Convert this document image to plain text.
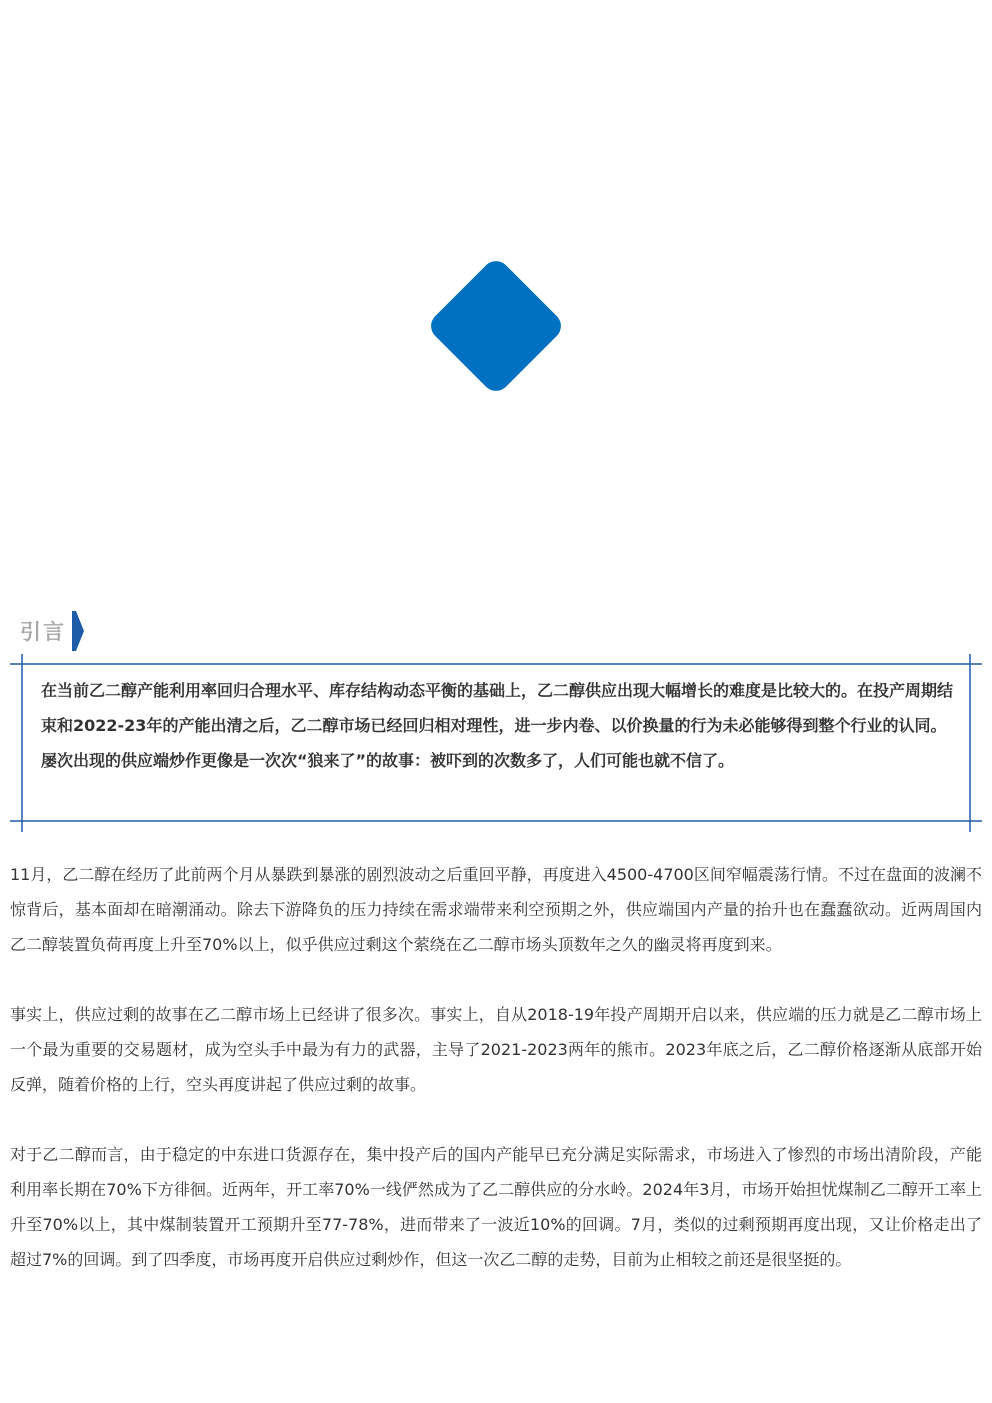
引言

在当前乙二醇产能利用率回归合理水平、库存结构动态平衡的基础上，乙二醇供应出现大幅增长的难度是比较大的。在投产周期结束和2022-23年的产能出清之后，乙二醇市场已经回归相对理性，进一步内卷、以价换量的行为未必能够得到整个行业的认同。屡次出现的供应端炒作更像是一次次“狼来了”的故事：被吓到的次数多了，人们可能也就不信了。

11月，乙二醇在经历了此前两个月从暴跌到暴涨的剧烈波动之后重回平静，再度进入4500-4700区间窄幅震荡行情。不过在盘面的波澜不惊背后，基本面却在暗潮涌动。除去下游降负的压力持续在需求端带来利空预期之外，供应端国内产量的抬升也在蠢蠢欲动。近两周国内乙二醇装置负荷再度上升至70%以上，似乎供应过剩这个萦绕在乙二醇市场头顶数年之久的幽灵将再度到来。

事实上，供应过剩的故事在乙二醇市场上已经讲了很多次。事实上，自从2018-19年投产周期开启以来，供应端的压力就是乙二醇市场上一个最为重要的交易题材，成为空头手中最为有力的武器，主导了2021-2023两年的熊市。2023年底之后，乙二醇价格逐渐从底部开始反弹，随着价格的上行，空头再度讲起了供应过剩的故事。

对于乙二醇而言，由于稳定的中东进口货源存在，集中投产后的国内产能早已充分满足实际需求，市场进入了惨烈的市场出清阶段，产能利用率长期在70%下方徘徊。近两年，开工率70%一线俨然成为了乙二醇供应的分水岭。2024年3月，市场开始担忧煤制乙二醇开工率上升至70%以上，其中煤制装置开工预期升至77-78%，进而带来了一波近10%的回调。7月，类似的过剩预期再度出现，又让价格走出了超过7%的回调。到了四季度，市场再度开启供应过剩炒作，但这一次乙二醇的走势，目前为止相较之前还是很坚挺的。
